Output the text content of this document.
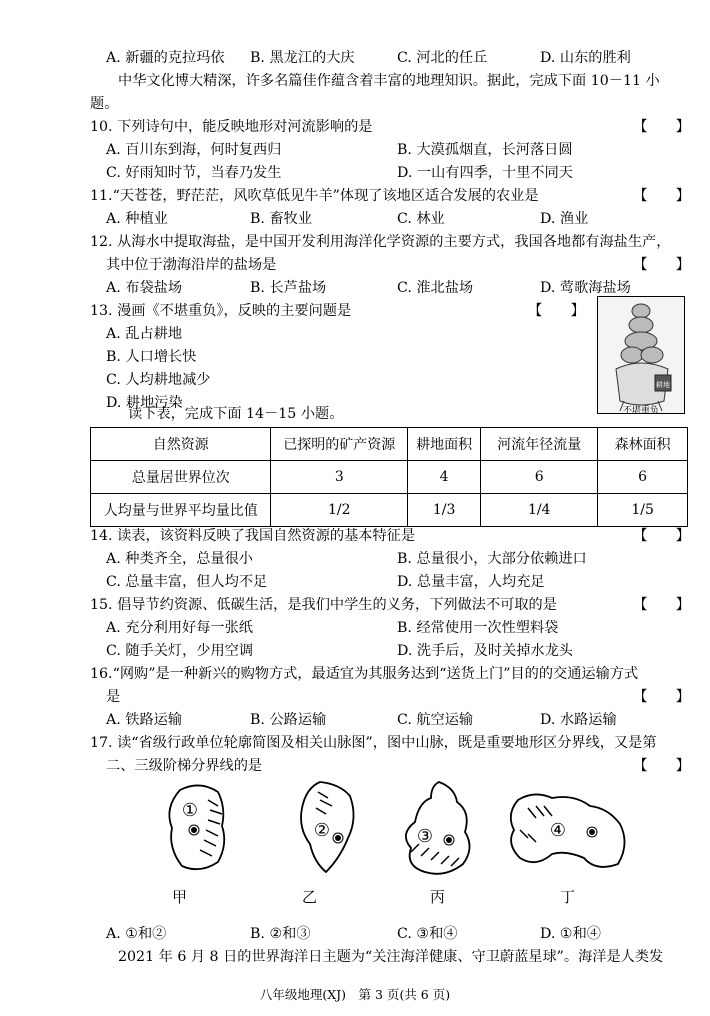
A. 新疆的克拉玛依 B. 黑龙江的大庆	C. 河北的任丘	D. 山东的胜利
中华文化博大精深，许多名篇佳作蕴含着丰富的地理知识。据此，完成下面 10－11 小
题。
10. 下列诗句中，能反映地形对河流影响的是	【　　】
A. 百川东到海，何时复西归	B. 大漠孤烟直，长河落日圆
C. 好雨知时节，当春乃发生	D. 一山有四季，十里不同天
11.“天苍苍，野茫茫，风吹草低见牛羊”体现了该地区适合发展的农业是	【　　】
A. 种植业	B. 畜牧业	C. 林业	D. 渔业
12. 从海水中提取海盐，是中国开发利用海洋化学资源的主要方式，我国各地都有海盐生产，
其中位于渤海沿岸的盐场是	【　　】
A. 布袋盐场	B. 长芦盐场	C. 淮北盐场	D. 莺歌海盐场
13. 漫画《不堪重负》，反映的主要问题是	【　　】
A. 乱占耕地
B. 人口增长快
C. 人均耕地减少
D. 耕地污染
耕地
不堪重负
读下表，完成下面 14－15 小题。
自然资源	已探明的矿产资源	耕地面积	河流年径流量	森林面积
总量居世界位次	3	4	6	6
人均量与世界平均量比值	1/2	1/3	1/4	1/5
14. 读表，该资料反映了我国自然资源的基本特征是	【　　】
A. 种类齐全，总量很小	B. 总量很小，大部分依赖进口
C. 总量丰富，但人均不足	D. 总量丰富，人均充足
15. 倡导节约资源、低碳生活，是我们中学生的义务，下列做法不可取的是	【　　】
A. 充分利用好每一张纸	B. 经常使用一次性塑料袋
C. 随手关灯，少用空调	D. 洗手后，及时关掉水龙头
16.“网购”是一种新兴的购物方式，最适宜为其服务达到“送货上门”目的的交通运输方式
是	【　　】
A. 铁路运输	B. 公路运输	C. 航空运输	D. 水路运输
17. 读“省级行政单位轮廓简图及相关山脉图”，图中山脉，既是重要地形区分界线，又是第
二、三级阶梯分界线的是	【　　】
①
②	③	④
甲	乙	丙	丁
A. ①和②	B. ②和③	C. ③和④	D. ①和④
2021 年 6 月 8 日的世界海洋日主题为“关注海洋健康、守卫蔚蓝星球”。海洋是人类发
八年级地理(XJ)　第 3 页(共 6 页)
